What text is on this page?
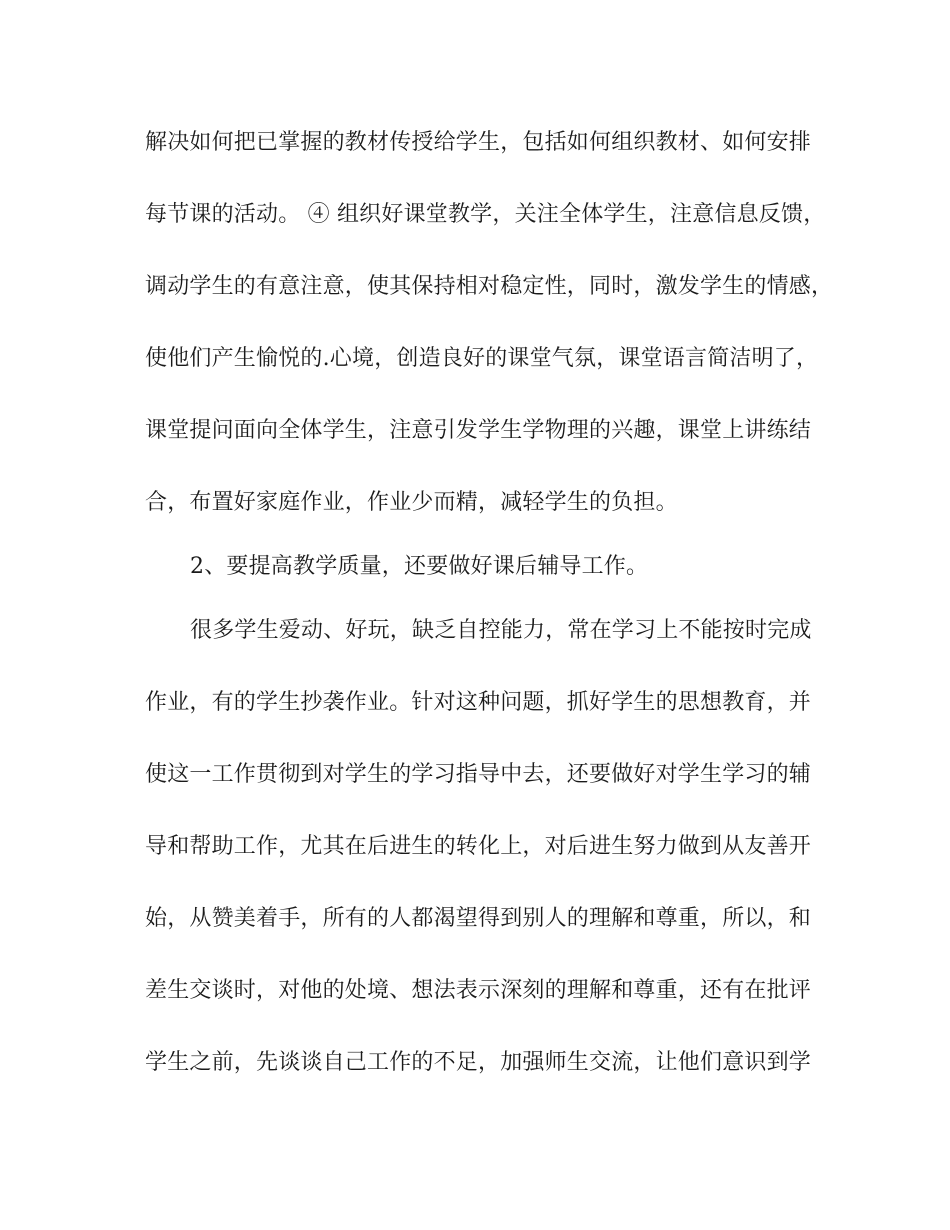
解决如何把已掌握的教材传授给学生，包括如何组织教材、如何安排
每节课的活动。 ④ 组织好课堂教学，关注全体学生，注意信息反馈，
调动学生的有意注意，使其保持相对稳定性，同时，激发学生的情感，
使他们产生愉悦的.心境，创造良好的课堂气氛，课堂语言简洁明了，
课堂提问面向全体学生，注意引发学生学物理的兴趣，课堂上讲练结
合，布置好家庭作业，作业少而精，减轻学生的负担。
2、要提高教学质量，还要做好课后辅导工作。
很多学生爱动、好玩，缺乏自控能力，常在学习上不能按时完成
作业，有的学生抄袭作业。针对这种问题，抓好学生的思想教育，并
使这一工作贯彻到对学生的学习指导中去，还要做好对学生学习的辅
导和帮助工作，尤其在后进生的转化上，对后进生努力做到从友善开
始，从赞美着手，所有的人都渴望得到别人的理解和尊重，所以，和
差生交谈时，对他的处境、想法表示深刻的理解和尊重，还有在批评
学生之前，先谈谈自己工作的不足，加强师生交流，让他们意识到学
